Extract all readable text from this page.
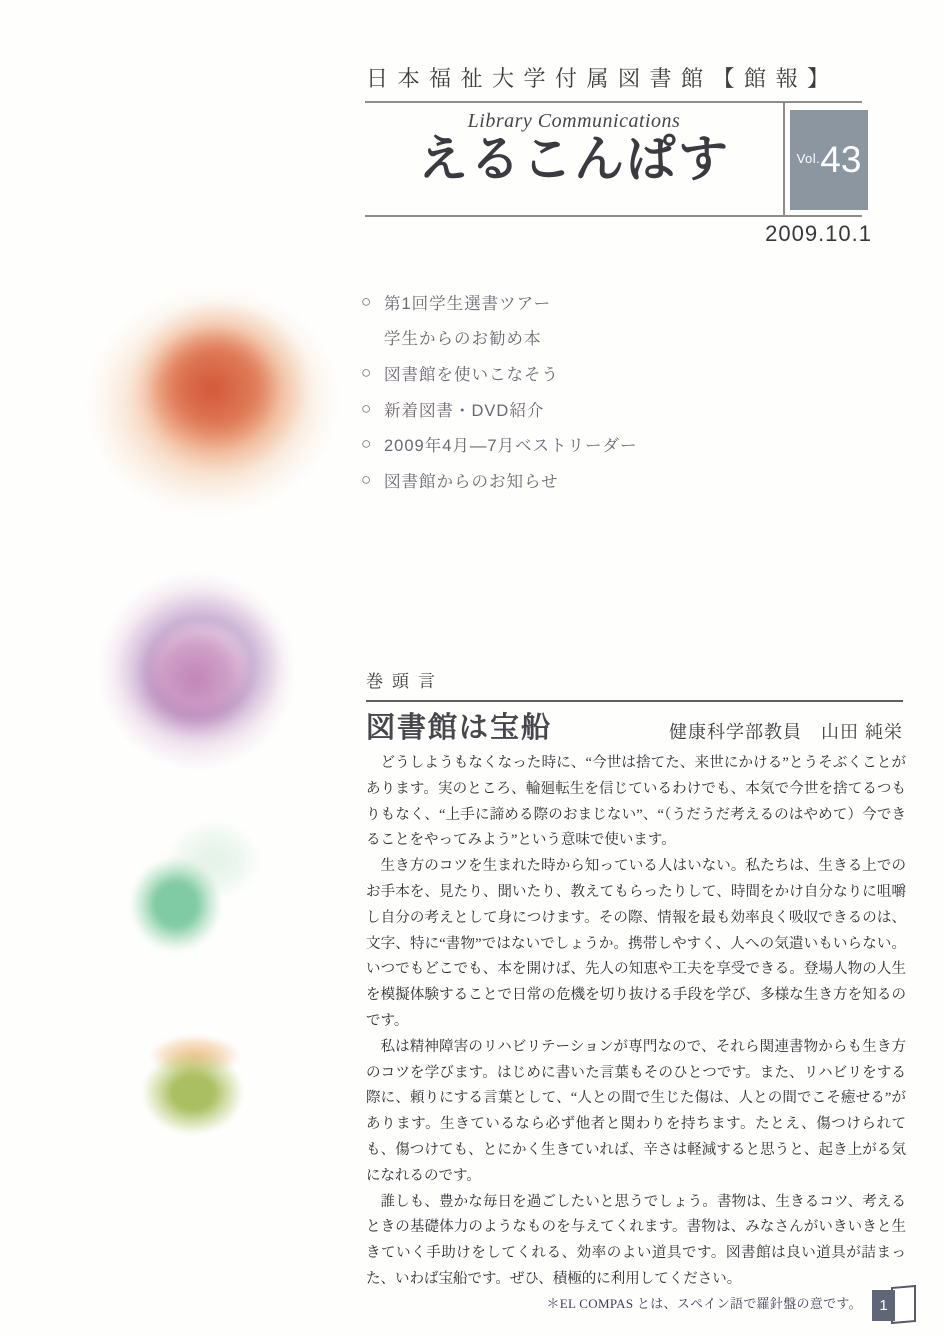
日本福祉大学付属図書館【館報】
Library Communications
えるこんぱす	Vol. 43
2009.10.1
○ 第1回学生選書ツアー
学生からのお勧め本
○ 図書館を使いこなそう
○ 新着図書・DVD紹介
○ 2009年4月―7月ベストリーダー
○ 図書館からのお知らせ
巻頭言
図書館は宝船	健康科学部教員　山田 純栄

どうしようもなくなった時に、“今世は捨てた、来世にかける”とうそぶくことがあります。実のところ、輪廻転生を信じているわけでも、本気で今世を捨てるつもりもなく、“上手に諦める際のおまじない”、“（うだうだ考えるのはやめて）今できることをやってみよう”という意味で使います。

生き方のコツを生まれた時から知っている人はいない。私たちは、生きる上でのお手本を、見たり、聞いたり、教えてもらったりして、時間をかけ自分なりに咀嚼し自分の考えとして身につけます。その際、情報を最も効率良く吸収できるのは、文字、特に“書物”ではないでしょうか。携帯しやすく、人への気遣いもいらない。いつでもどこでも、本を開けば、先人の知恵や工夫を享受できる。登場人物の人生を模擬体験することで日常の危機を切り抜ける手段を学び、多様な生き方を知るのです。

私は精神障害のリハビリテーションが専門なので、それら関連書物からも生き方のコツを学びます。はじめに書いた言葉もそのひとつです。また、リハビリをする際に、頼りにする言葉として、“人との間で生じた傷は、人との間でこそ癒せる”があります。生きているなら必ず他者と関わりを持ちます。たとえ、傷つけられても、傷つけても、とにかく生きていれば、辛さは軽減すると思うと、起き上がる気になれるのです。

誰しも、豊かな毎日を過ごしたいと思うでしょう。書物は、生きるコツ、考えるときの基礎体力のようなものを与えてくれます。書物は、みなさんがいきいきと生きていく手助けをしてくれる、効率のよい道具です。図書館は良い道具が詰まった、いわば宝船です。ぜひ、積極的に利用してください。

＊EL COMPAS とは、スペイン語で羅針盤の意です。	1
